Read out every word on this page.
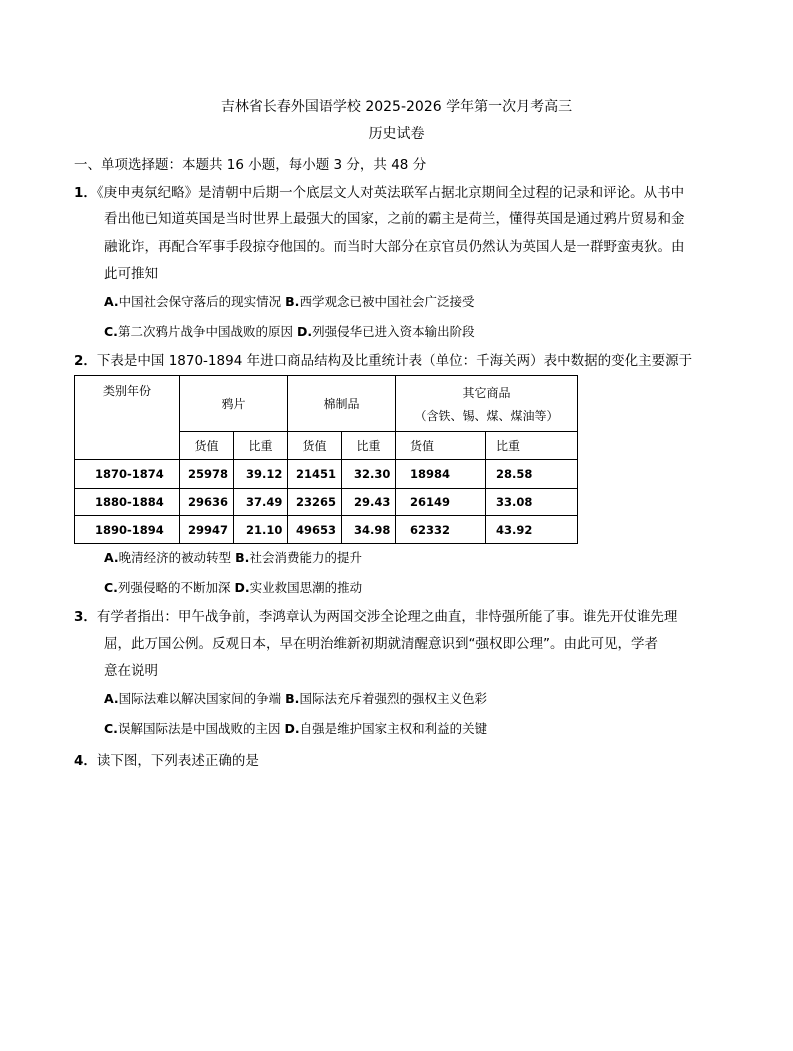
吉林省长春外国语学校 2025-2026 学年第一次月考高三
历史试卷
一、单项选择题：本题共 16 小题，每小题 3 分，共 48 分
1．《庚申夷氛纪略》是清朝中后期一个底层文人对英法联军占据北京期间全过程的记录和评论。从书中
看出他已知道英国是当时世界上最强大的国家，之前的霸主是荷兰，懂得英国是通过鸦片贸易和金
融讹诈，再配合军事手段掠夺他国的。而当时大部分在京官员仍然认为英国人是一群野蛮夷狄。由
此可推知
A.中国社会保守落后的现实情况 B.西学观念已被中国社会广泛接受
C.第二次鸦片战争中国战败的原因 D.列强侵华已进入资本输出阶段
2．下表是中国 1870-1894 年进口商品结构及比重统计表（单位：千海关两）表中数据的变化主要源于
类别年份	鸦片		棉制品		其它商品
（含铁、锡、煤、煤油等）	

	货值	比重	货值	比重	货值	比重
1870-1874	25978	39.12	21451	32.30	18984	28.58
1880-1884	29636	37.49	23265	29.43	26149	33.08
1890-1894	29947	21.10	49653	34.98	62332	43.92
A.晚清经济的被动转型 B.社会消费能力的提升
C.列强侵略的不断加深 D.实业救国思潮的推动
3．有学者指出：甲午战争前，李鸿章认为两国交涉全论理之曲直，非恃强所能了事。谁先开仗谁先理
屈，此万国公例。反观日本，早在明治维新初期就清醒意识到“强权即公理”。由此可见，学者
意在说明
A.国际法难以解决国家间的争端 B.国际法充斥着强烈的强权主义色彩
C.误解国际法是中国战败的主因 D.自强是维护国家主权和利益的关键
4．读下图，下列表述正确的是
